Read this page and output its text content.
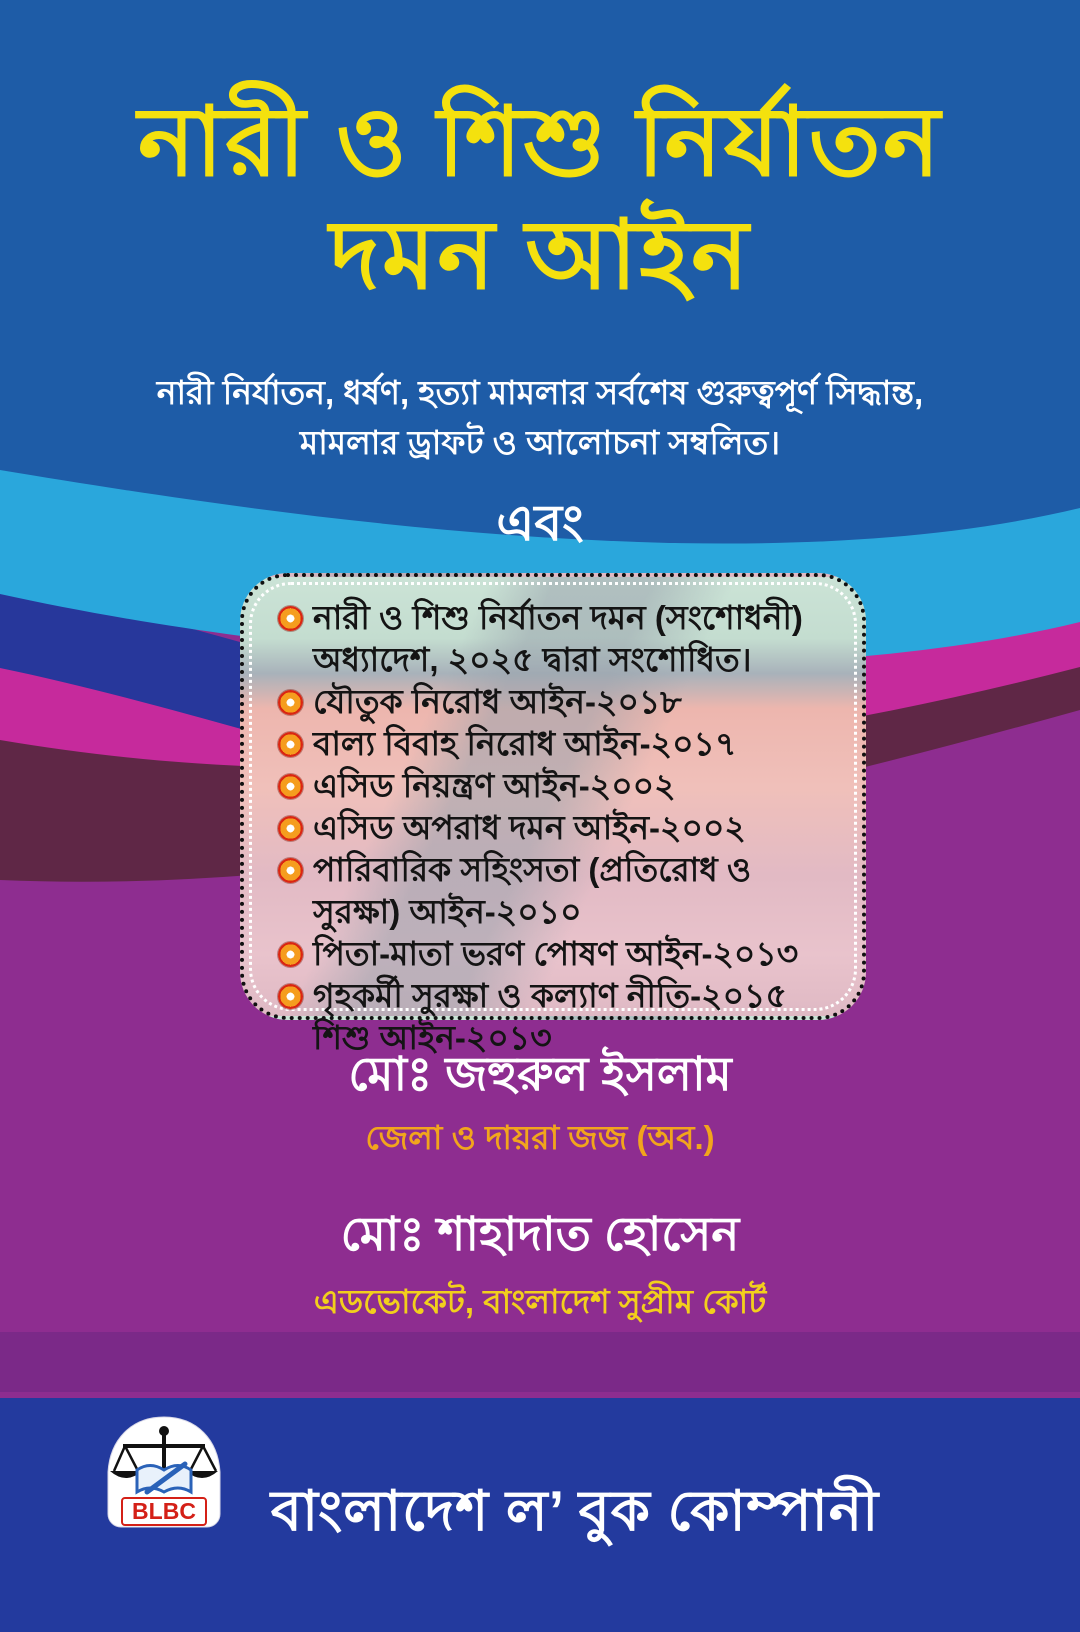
নারী ও শিশু নির্যাতন
দমন আইন
নারী নির্যাতন, ধর্ষণ, হত্যা মামলার সর্বশেষ গুরুত্বপূর্ণ সিদ্ধান্ত,
মামলার ড্রাফট ও আলোচনা সম্বলিত।
এবং
নারী ও শিশু নির্যাতন দমন (সংশোধনী) অধ্যাদেশ, ২০২৫ দ্বারা সংশোধিত।
যৌতুক নিরোধ আইন-২০১৮
বাল্য বিবাহ নিরোধ আইন-২০১৭
এসিড নিয়ন্ত্রণ আইন-২০০২
এসিড অপরাধ দমন আইন-২০০২
পারিবারিক সহিংসতা (প্রতিরোধ ও সুরক্ষা) আইন-২০১০
পিতা-মাতা ভরণ পোষণ আইন-২০১৩
গৃহকর্মী সুরক্ষা ও কল্যাণ নীতি-২০১৫
শিশু আইন-২০১৩
মোঃ জহুরুল ইসলাম
জেলা ও দায়রা জজ (অব.)
মোঃ শাহাদাত হোসেন
এডভোকেট, বাংলাদেশ সুপ্রীম কোর্ট
BLBC	বাংলাদেশ ল’ বুক কোম্পানী
